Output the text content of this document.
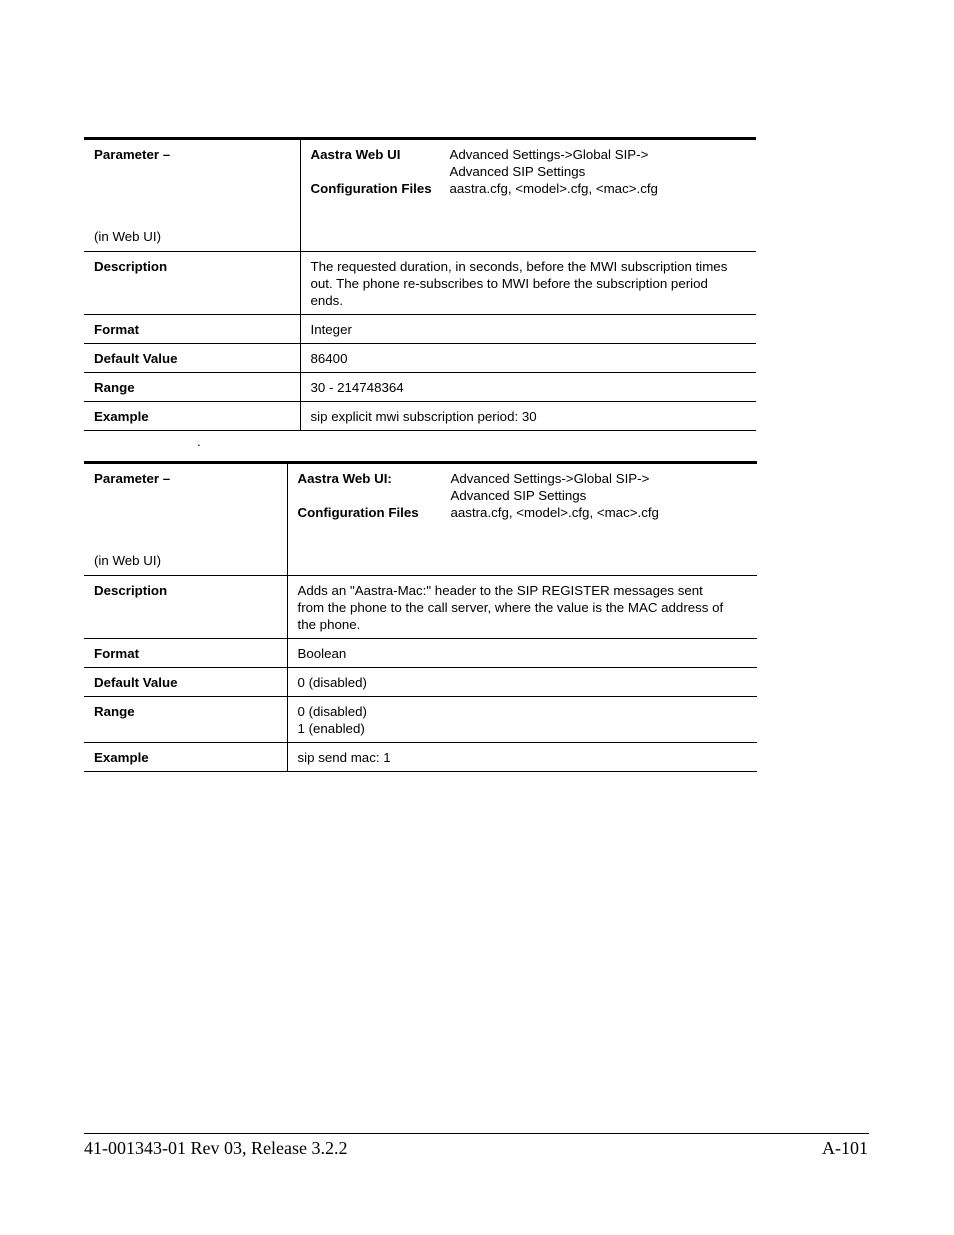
Parameter –
(in Web UI)	Aastra Web UI Advanced Settings->Global SIP->
Advanced SIP Settings
Configuration Files aastra.cfg, <model>.cfg, <mac>.cfg

Description	The requested duration, in seconds, before the MWI subscription times
out. The phone re-subscribes to MWI before the subscription period
ends.

Format	Integer
Default Value	86400
Range	30 - 214748364
Example	sip explicit mwi subscription period: 30
.
Parameter –
(in Web UI)	Aastra Web UI: Advanced Settings->Global SIP->
Advanced SIP Settings
Configuration Files aastra.cfg, <model>.cfg, <mac>.cfg

Description	Adds an "Aastra-Mac:" header to the SIP REGISTER messages sent
from the phone to the call server, where the value is the MAC address of
the phone.

Format	Boolean
Default Value	0 (disabled)
Range	0 (disabled)
1 (enabled)

Example	sip send mac: 1
41-001343-01 Rev 03, Release 3.2.2	A-101
